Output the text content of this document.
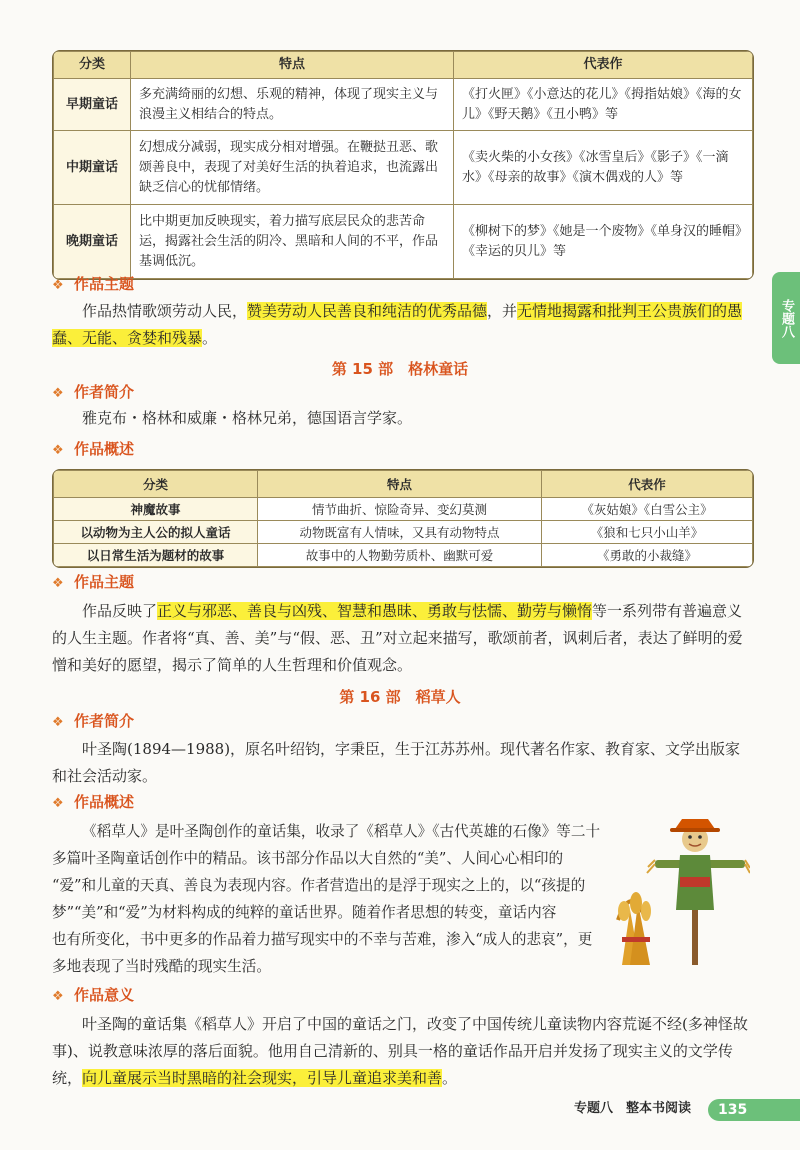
分类	特点	代表作
早期童话	多充满绮丽的幻想、乐观的精神，体现了现实主义与浪漫主义相结合的特点。	《打火匣》《小意达的花儿》《拇指姑娘》《海的女儿》《野天鹅》《丑小鸭》等
中期童话	幻想成分减弱，现实成分相对增强。在鞭挞丑恶、歌颂善良中，表现了对美好生活的执着追求，也流露出缺乏信心的忧郁情绪。	《卖火柴的小女孩》《冰雪皇后》《影子》《一滴水》《母亲的故事》《演木偶戏的人》等
晚期童话	比中期更加反映现实，着力描写底层民众的悲苦命运，揭露社会生活的阴冷、黑暗和人间的不平，作品基调低沉。	《柳树下的梦》《她是一个废物》《单身汉的睡帽》《幸运的贝儿》等
❖ 作品主题
作品热情歌颂劳动人民，赞美劳动人民善良和纯洁的优秀品德，并无情地揭露和批判王公贵族们的愚蠢、无能、贪婪和残暴。
第 15 部　格林童话
❖ 作者简介
雅克布・格林和威廉・格林兄弟，德国语言学家。
❖ 作品概述
分类	特点	代表作
神魔故事	情节曲折、惊险奇异、变幻莫测	《灰姑娘》《白雪公主》
以动物为主人公的拟人童话	动物既富有人情味，又具有动物特点	《狼和七只小山羊》
以日常生活为题材的故事	故事中的人物勤劳质朴、幽默可爱	《勇敢的小裁缝》
❖ 作品主题
作品反映了正义与邪恶、善良与凶残、智慧和愚昧、勇敢与怯懦、勤劳与懒惰等一系列带有普遍意义的人生主题。作者将“真、善、美”与“假、恶、丑”对立起来描写，歌颂前者，讽刺后者，表达了鲜明的爱憎和美好的愿望，揭示了简单的人生哲理和价值观念。
第 16 部　稻草人
❖ 作者简介
叶圣陶(1894—1988)，原名叶绍钧，字秉臣，生于江苏苏州。现代著名作家、教育家、文学出版家和社会活动家。
❖ 作品概述
《稻草人》是叶圣陶创作的童话集，收录了《稻草人》《古代英雄的石像》等二十
多篇叶圣陶童话创作中的精品。该书部分作品以大自然的“美”、人间心心相印的
“爱”和儿童的天真、善良为表现内容。作者营造出的是浮于现实之上的，以“孩提的
梦”“美”和“爱”为材料构成的纯粹的童话世界。随着作者思想的转变，童话内容
也有所变化，书中更多的作品着力描写现实中的不幸与苦难，渗入“成人的悲哀”，更
多地表现了当时残酷的现实生活。
❖ 作品意义
叶圣陶的童话集《稻草人》开启了中国的童话之门，改变了中国传统儿童读物内容荒诞不经(多神怪故事)、说教意味浓厚的落后面貌。他用自己清新的、别具一格的童话作品开启并发扬了现实主义的文学传统，向儿童展示当时黑暗的社会现实，引导儿童追求美和善。
专题八
专题八　整本书阅读	135
